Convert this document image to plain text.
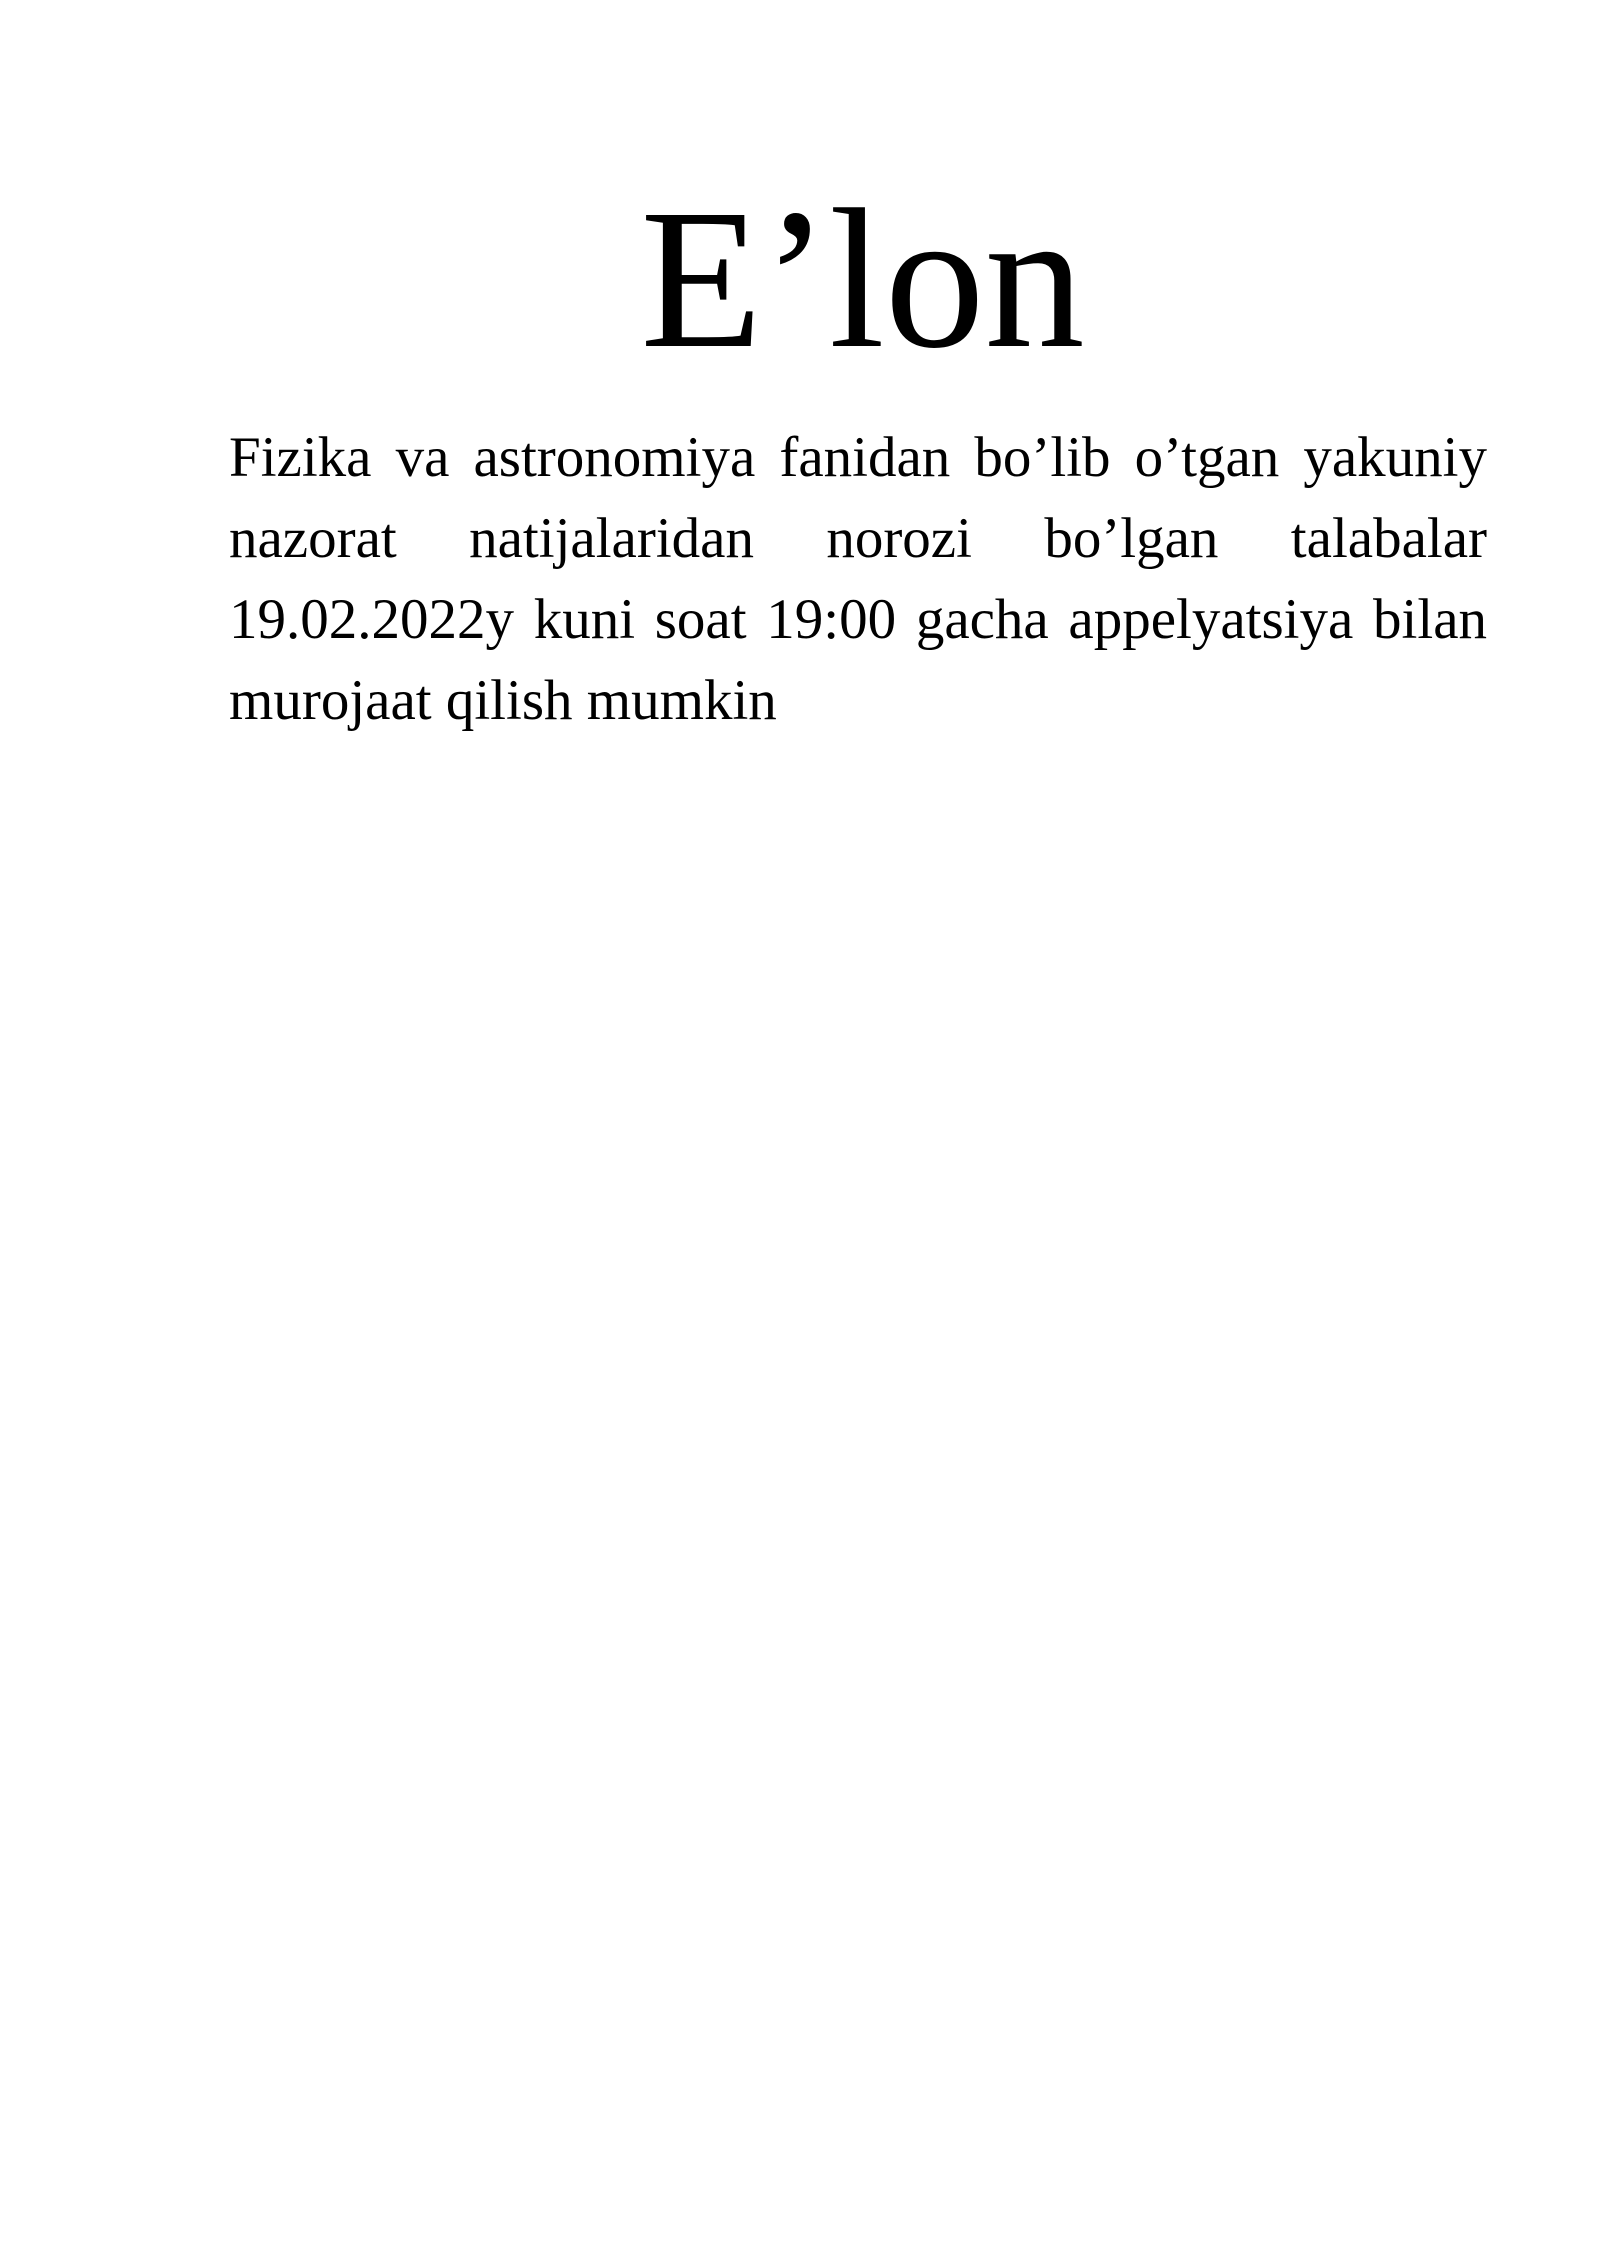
E’lon

Fizika va astronomiya fanidan bo’lib o’tgan yakuniy nazorat natijalaridan norozi bo’lgan talabalar 19.02.2022y kuni soat 19:00 gacha appelyatsiya bilan murojaat qilish mumkin
